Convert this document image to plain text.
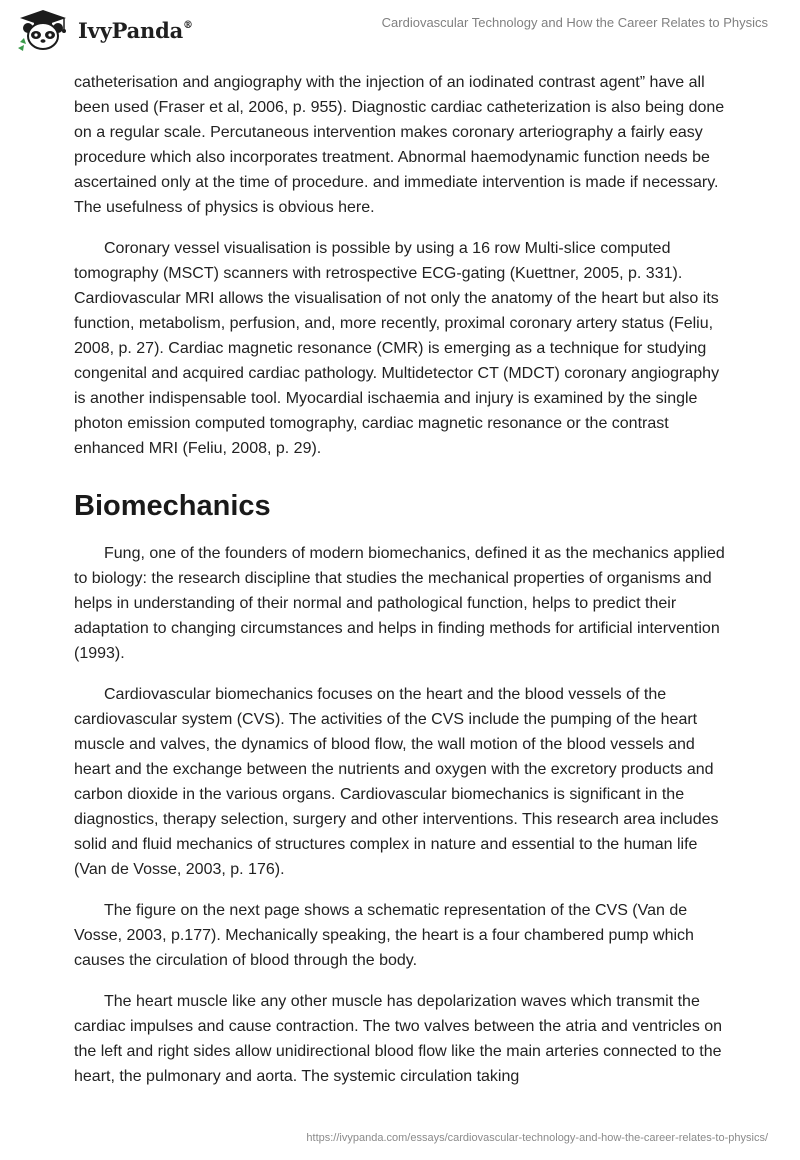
IvyPanda®	Cardiovascular Technology and How the Career Relates to Physics

catheterisation and angiography with the injection of an iodinated contrast agent” have all been used (Fraser et al, 2006, p. 955). Diagnostic cardiac catheterization is also being done on a regular scale. Percutaneous intervention makes coronary arteriography a fairly easy procedure which also incorporates treatment. Abnormal haemodynamic function needs be ascertained only at the time of procedure. and immediate intervention is made if necessary. The usefulness of physics is obvious here.

Coronary vessel visualisation is possible by using a 16 row Multi-slice computed tomography (MSCT) scanners with retrospective ECG-gating (Kuettner, 2005, p. 331). Cardiovascular MRI allows the visualisation of not only the anatomy of the heart but also its function, metabolism, perfusion, and, more recently, proximal coronary artery status (Feliu, 2008, p. 27). Cardiac magnetic resonance (CMR) is emerging as a technique for studying congenital and acquired cardiac pathology. Multidetector CT (MDCT) coronary angiography is another indispensable tool. Myocardial ischaemia and injury is examined by the single photon emission computed tomography, cardiac magnetic resonance or the contrast enhanced MRI (Feliu, 2008, p. 29).

Biomechanics

Fung, one of the founders of modern biomechanics, defined it as the mechanics applied to biology: the research discipline that studies the mechanical properties of organisms and helps in understanding of their normal and pathological function, helps to predict their adaptation to changing circumstances and helps in finding methods for artificial intervention (1993).

Cardiovascular biomechanics focuses on the heart and the blood vessels of the cardiovascular system (CVS). The activities of the CVS include the pumping of the heart muscle and valves, the dynamics of blood flow, the wall motion of the blood vessels and heart and the exchange between the nutrients and oxygen with the excretory products and carbon dioxide in the various organs. Cardiovascular biomechanics is significant in the diagnostics, therapy selection, surgery and other interventions. This research area includes solid and fluid mechanics of structures complex in nature and essential to the human life (Van de Vosse, 2003, p. 176).

The figure on the next page shows a schematic representation of the CVS (Van de Vosse, 2003, p.177). Mechanically speaking, the heart is a four chambered pump which causes the circulation of blood through the body.

The heart muscle like any other muscle has depolarization waves which transmit the cardiac impulses and cause contraction. The two valves between the atria and ventricles on the left and right sides allow unidirectional blood flow like the main arteries connected to the heart, the pulmonary and aorta. The systemic circulation taking

https://ivypanda.com/essays/cardiovascular-technology-and-how-the-career-relates-to-physics/
